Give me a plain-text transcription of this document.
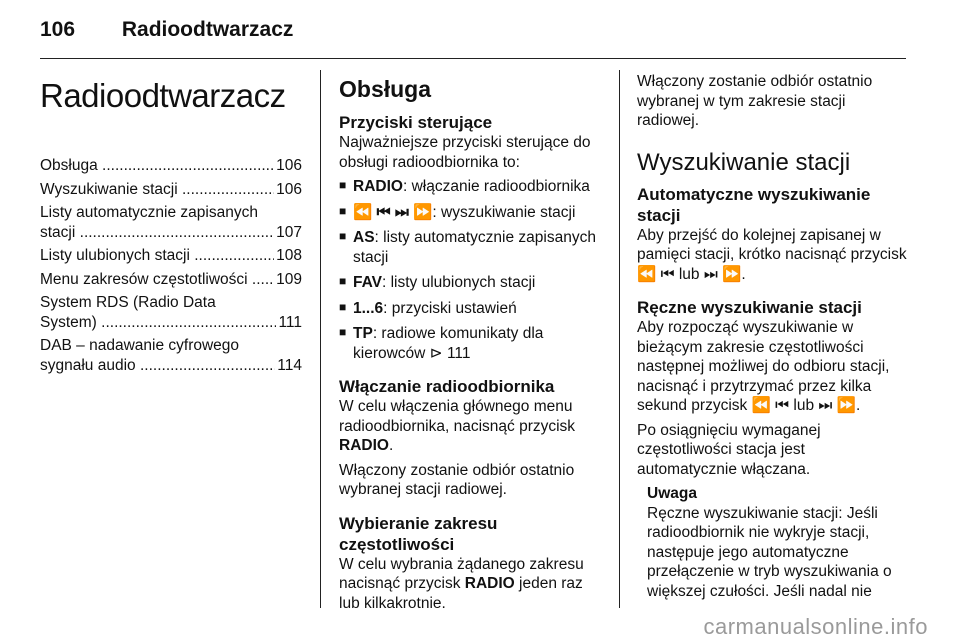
106 Radioodtwarzacz
Radioodtwarzacz
Obsługa .....	106
Wyszukiwanie stacji .....	106
Listy automatycznie zapisanych
stacji .....	107
Listy ulubionych stacji .....	108
Menu zakresów częstotliwości .....	109
System RDS (Radio Data
System) .....	111
DAB – nadawanie cyfrowego
sygnału audio .....	114
Obsługa
Przyciski sterujące

Najważniejsze przyciski sterujące do obsługi radioodbiornika to:

■ RADIO: włączanie radioodbiornika
■ ⏪ ⏮ ⏭ ⏩: wyszukiwanie stacji
■ AS: listy automatycznie zapisanych stacji
■ FAV: listy ulubionych stacji
■ 1...6: przyciski ustawień
■ TP: radiowe komunikaty dla kierowców ⊳ 111
Włączanie radioodbiornika

W celu włączenia głównego menu radioodbiornika, nacisnąć przycisk
RADIO.

Włączony zostanie odbiór ostatnio wybranej stacji radiowej.

Wybieranie zakresu częstotliwości

W celu wybrania żądanego zakresu nacisnąć przycisk RADIO jeden raz lub kilkakrotnie.

Włączony zostanie odbiór ostatnio wybranej w tym zakresie stacji radiowej.

Wyszukiwanie stacji
Automatyczne wyszukiwanie stacji

Aby przejść do kolejnej zapisanej w pamięci stacji, krótko nacisnąć przycisk ⏪ ⏮ lub ⏭ ⏩.

Ręczne wyszukiwanie stacji

Aby rozpocząć wyszukiwanie w bieżącym zakresie częstotliwości następnej możliwej do odbioru stacji, nacisnąć i przytrzymać przez kilka sekund przycisk ⏪ ⏮ lub ⏭ ⏩.

Po osiągnięciu wymaganej częstotliwości stacja jest automatycznie włączana.

Uwaga
Ręczne wyszukiwanie stacji: Jeśli radioodbiornik nie wykryje stacji, następuje jego automatyczne przełączenie w tryb wyszukiwania o większej czułości. Jeśli nadal nie
carmanualsonline.info
